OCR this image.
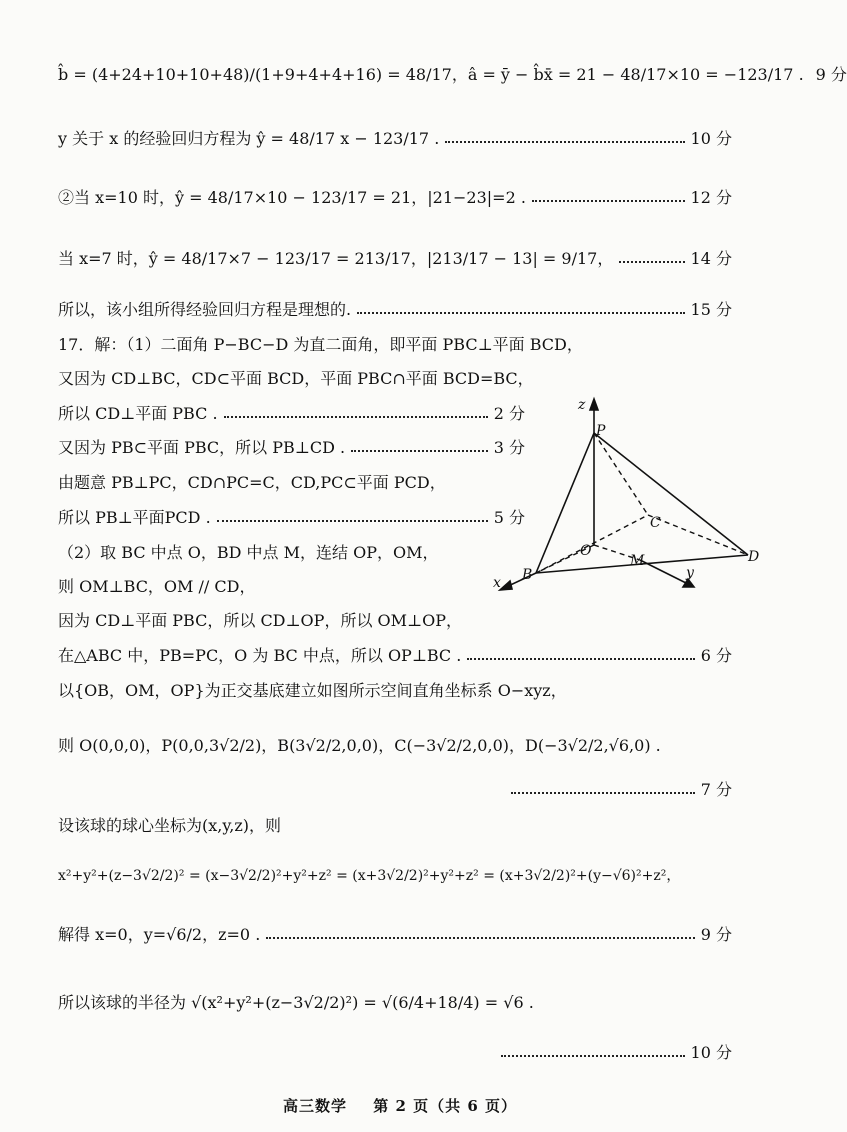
b̂ = (4+24+10+10+48)/(1+9+4+4+16) = 48/17，â = ȳ − b̂x̄ = 21 − 48/17×10 = −123/17 . 9 分
y 关于 x 的经验回归方程为 ŷ = 48/17 x − 123/17 .	10 分
②当 x=10 时，ŷ = 48/17×10 − 123/17 = 21，|21−23|=2 .	12 分
当 x=7 时，ŷ = 48/17×7 − 123/17 = 213/17，|213/17 − 13| = 9/17，	14 分
所以，该小组所得经验回归方程是理想的.	15 分
17．解：（1）二面角 P−BC−D 为直二面角，即平面 PBC⊥平面 BCD，
又因为 CD⊥BC，CD⊂平面 BCD，平面 PBC∩平面 BCD=BC，
所以 CD⊥平面 PBC .	2 分
又因为 PB⊂平面 PBC，所以 PB⊥CD .	3 分
由题意 PB⊥PC，CD∩PC=C，CD,PC⊂平面 PCD，
所以 PB⊥平面PCD .	5 分
（2）取 BC 中点 O，BD 中点 M，连结 OP，OM，
则 OM⊥BC，OM // CD，
因为 CD⊥平面 PBC，所以 CD⊥OP，所以 OM⊥OP，
在△ABC 中，PB=PC，O 为 BC 中点，所以 OP⊥BC .	6 分
以{OB，OM，OP}为正交基底建立如图所示空间直角坐标系 O−xyz，
则 O(0,0,0)，P(0,0,3√2/2)，B(3√2/2,0,0)，C(−3√2/2,0,0)，D(−3√2/2,√6,0) .
7 分
设该球的球心坐标为(x,y,z)，则
x²+y²+(z−3√2/2)² = (x−3√2/2)²+y²+z² = (x+3√2/2)²+y²+z² = (x+3√2/2)²+(y−√6)²+z²，
解得 x=0，y=√6/2，z=0 .	9 分
所以该球的半径为 √(x²+y²+(z−3√2/2)²) = √(6/4+18/4) = √6 .
10 分
z
P
C
O
M	D
B
x
y
高三数学 第 2 页（共 6 页）
